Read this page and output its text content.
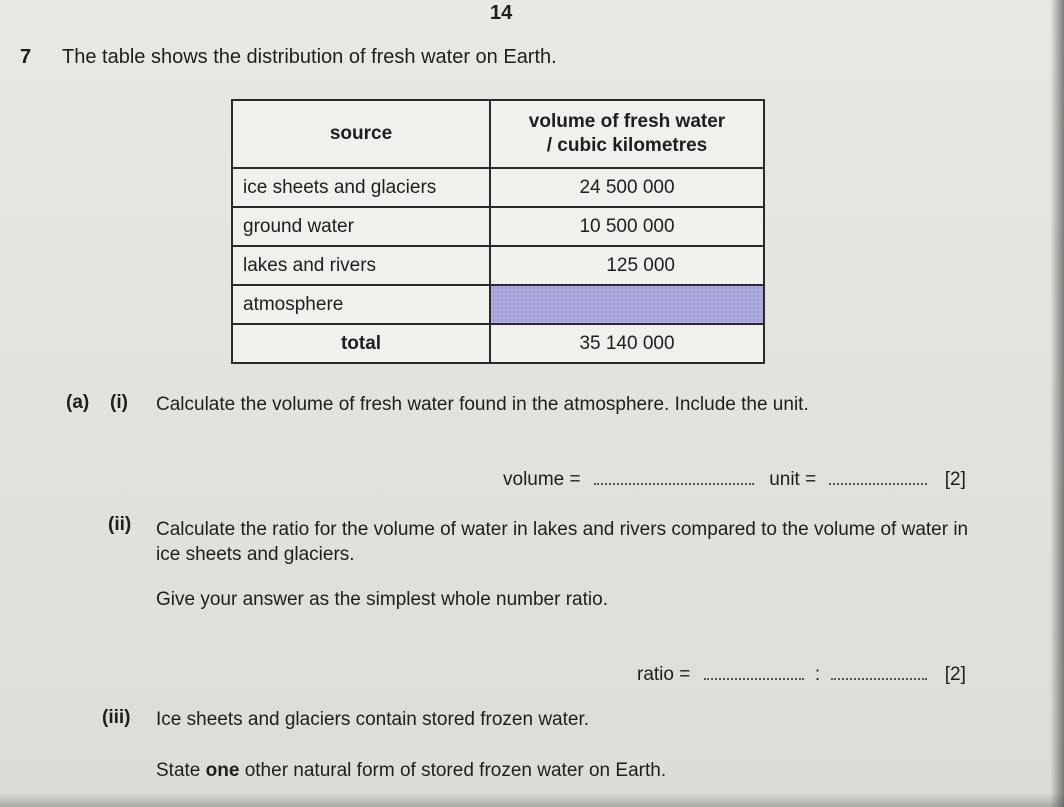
14
7 The table shows the distribution of fresh water on Earth.
source	volume of fresh water
/ cubic kilometres
ice sheets and glaciers	24 500 000
ground water	10 500 000
lakes and rivers	125 000
atmosphere	
total	35 140 000
(a) (i) Calculate the volume of fresh water found in the atmosphere. Include the unit.
volume =	unit =	[2]
(ii) Calculate the ratio for the volume of water in lakes and rivers compared to the volume of water in ice sheets and glaciers.
Give your answer as the simplest whole number ratio.
ratio =	:	[2]
(iii) Ice sheets and glaciers contain stored frozen water.
State one other natural form of stored frozen water on Earth.
